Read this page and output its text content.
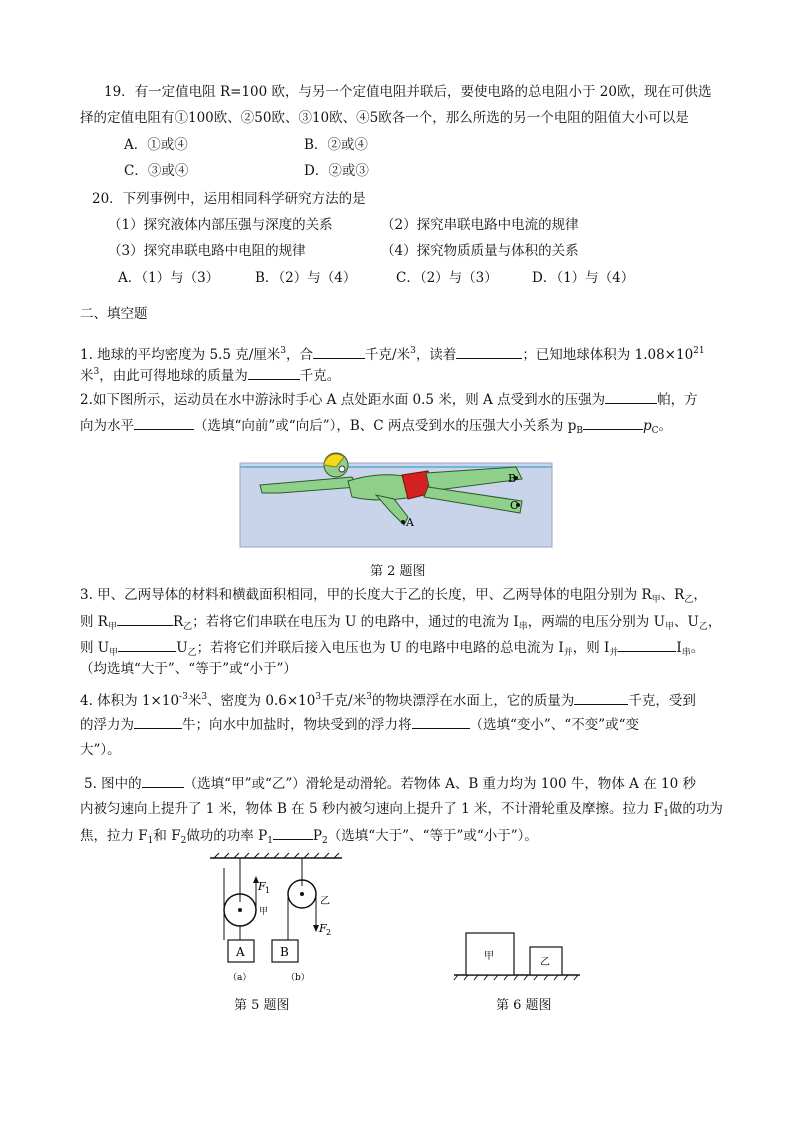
19．有一定值电阻 R=100 欧，与另一个定值电阻并联后，要使电路的总电阻小于 20欧，现在可供选
择的定值电阻有①100欧、②50欧、③10欧、④5欧各一个，那么所选的另一个电阻的阻值大小可以是
A．①或④	B．②或④
C．③或④	D．②或③
20．下列事例中，运用相同科学研究方法的是
（1）探究液体内部压强与深度的关系	（2）探究串联电路中电流的规律
（3）探究串联电路中电阻的规律	（4）探究物质质量与体积的关系
A．（1）与（3）	B．（2）与（4）	C．（2）与（3）	D．（1）与（4）
二、填空题
1. 地球的平均密度为 5.5 克/厘米$^3$，合	千克/米$^3$，读着	；已知地球体积为 $1.08\times 10^{21}$
米$^3$，由此可得地球的质量为	千克。
2.如下图所示，运动员在水中游泳时手心 A 点处距水面 0.5 米，则 A 点受到水的压强为	帕，方
向为水平	（选填“向前”或“向后”），B、C 两点受到水的压强大小关系为 $p_B$	$p_C$。
A
B
C
第 2 题图
3. 甲、乙两导体的材料和横截面积相同，甲的长度大于乙的长度，甲、乙两导体的电阻分别为 $R_甲$、$R_乙$，
则 $R_甲$	$R_乙$；若将它们串联在电压为 U 的电路中，通过的电流为 $I_串$，两端的电压分别为 $U_甲$、$U_乙$，
则 $U_甲$	$U_乙$；若将它们并联后接入电压也为 U 的电路中电路的总电流为 $I_并$，则 $I_并$	$I_串$。
（均选填“大于”、“等于”或“小于”）
4. 体积为 $1\times 10^{-3}$米$^3$、密度为 $0.6\times 10^3$千克/米$^3$的物块漂浮在水面上，它的质量为	千克，受到
的浮力为	牛；向水中加盐时，物块受到的浮力将	（选填“变小”、“不变”或“变
大”）。
5. 图中的	（选填“甲”或“乙”）滑轮是动滑轮。若物体 A、B 重力均为 100 牛，物体 A 在 10 秒
内被匀速向上提升了 1 米，物体 B 在 5 秒内被匀速向上提升了 1 米，不计滑轮重及摩擦。拉力 $F_1$做的功为
焦，拉力 $F_1$和 $F_2$做功的功率 $P_1$	$P_2$（选填“大于”、“等于”或“小于”）。
F 1
甲
A
（a）
B
乙
F 2
（b）
第 5 题图
甲
乙
第 6 题图
